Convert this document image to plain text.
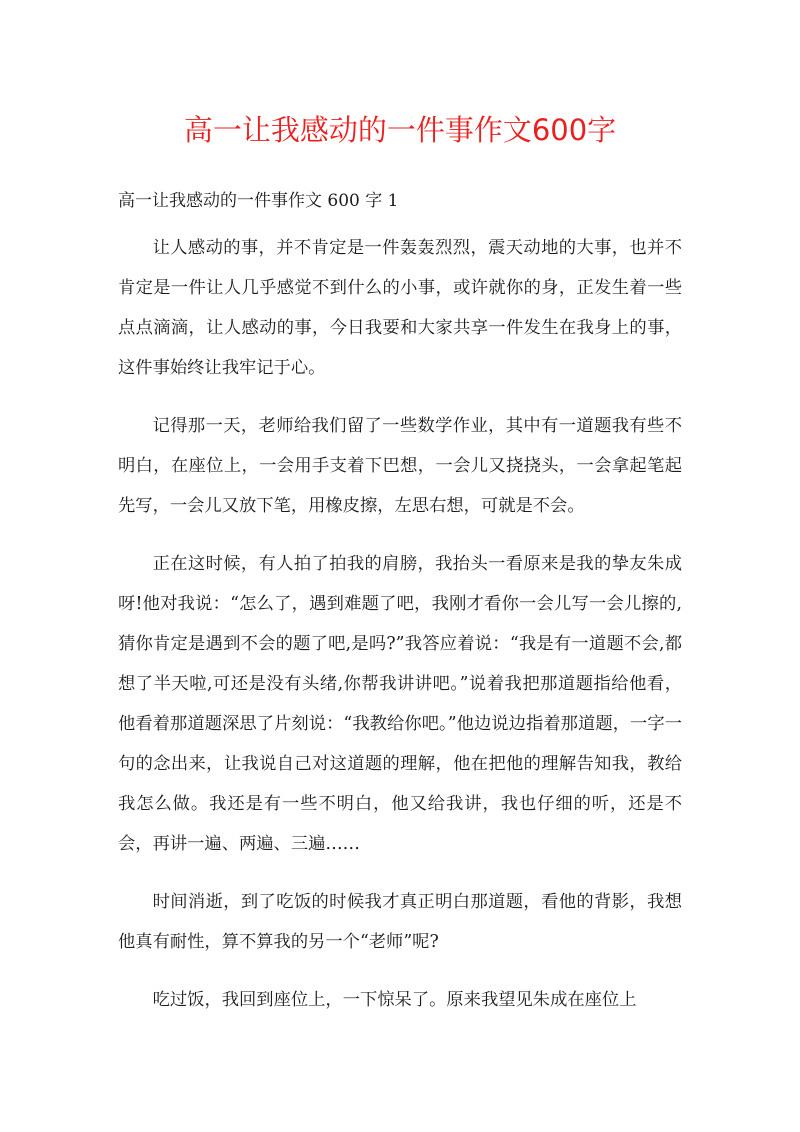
高一让我感动的一件事作文600字
高一让我感动的一件事作文 600 字 1

让人感动的事，并不肯定是一件轰轰烈烈，震天动地的大事，也并不肯定是一件让人几乎感觉不到什么的小事，或许就你的身，正发生着一些点点滴滴，让人感动的事，今日我要和大家共享一件发生在我身上的事，这件事始终让我牢记于心。

记得那一天，老师给我们留了一些数学作业，其中有一道题我有些不明白，在座位上，一会用手支着下巴想，一会儿又挠挠头，一会拿起笔起先写，一会儿又放下笔，用橡皮擦，左思右想，可就是不会。

正在这时候，有人拍了拍我的肩膀，我抬头一看原来是我的挚友朱成呀!他对我说：“怎么了，遇到难题了吧，我刚才看你一会儿写一会儿擦的,猜你肯定是遇到不会的题了吧,是吗?”我答应着说：“我是有一道题不会,都想了半天啦,可还是没有头绪,你帮我讲讲吧。”说着我把那道题指给他看，他看着那道题深思了片刻说：“我教给你吧。”他边说边指着那道题，一字一句的念出来，让我说自己对这道题的理解，他在把他的理解告知我，教给我怎么做。我还是有一些不明白，他又给我讲，我也仔细的听，还是不会，再讲一遍、两遍、三遍……

时间消逝，到了吃饭的时候我才真正明白那道题，看他的背影，我想他真有耐性，算不算我的另一个“老师”呢?

吃过饭，我回到座位上，一下惊呆了。原来我望见朱成在座位上
